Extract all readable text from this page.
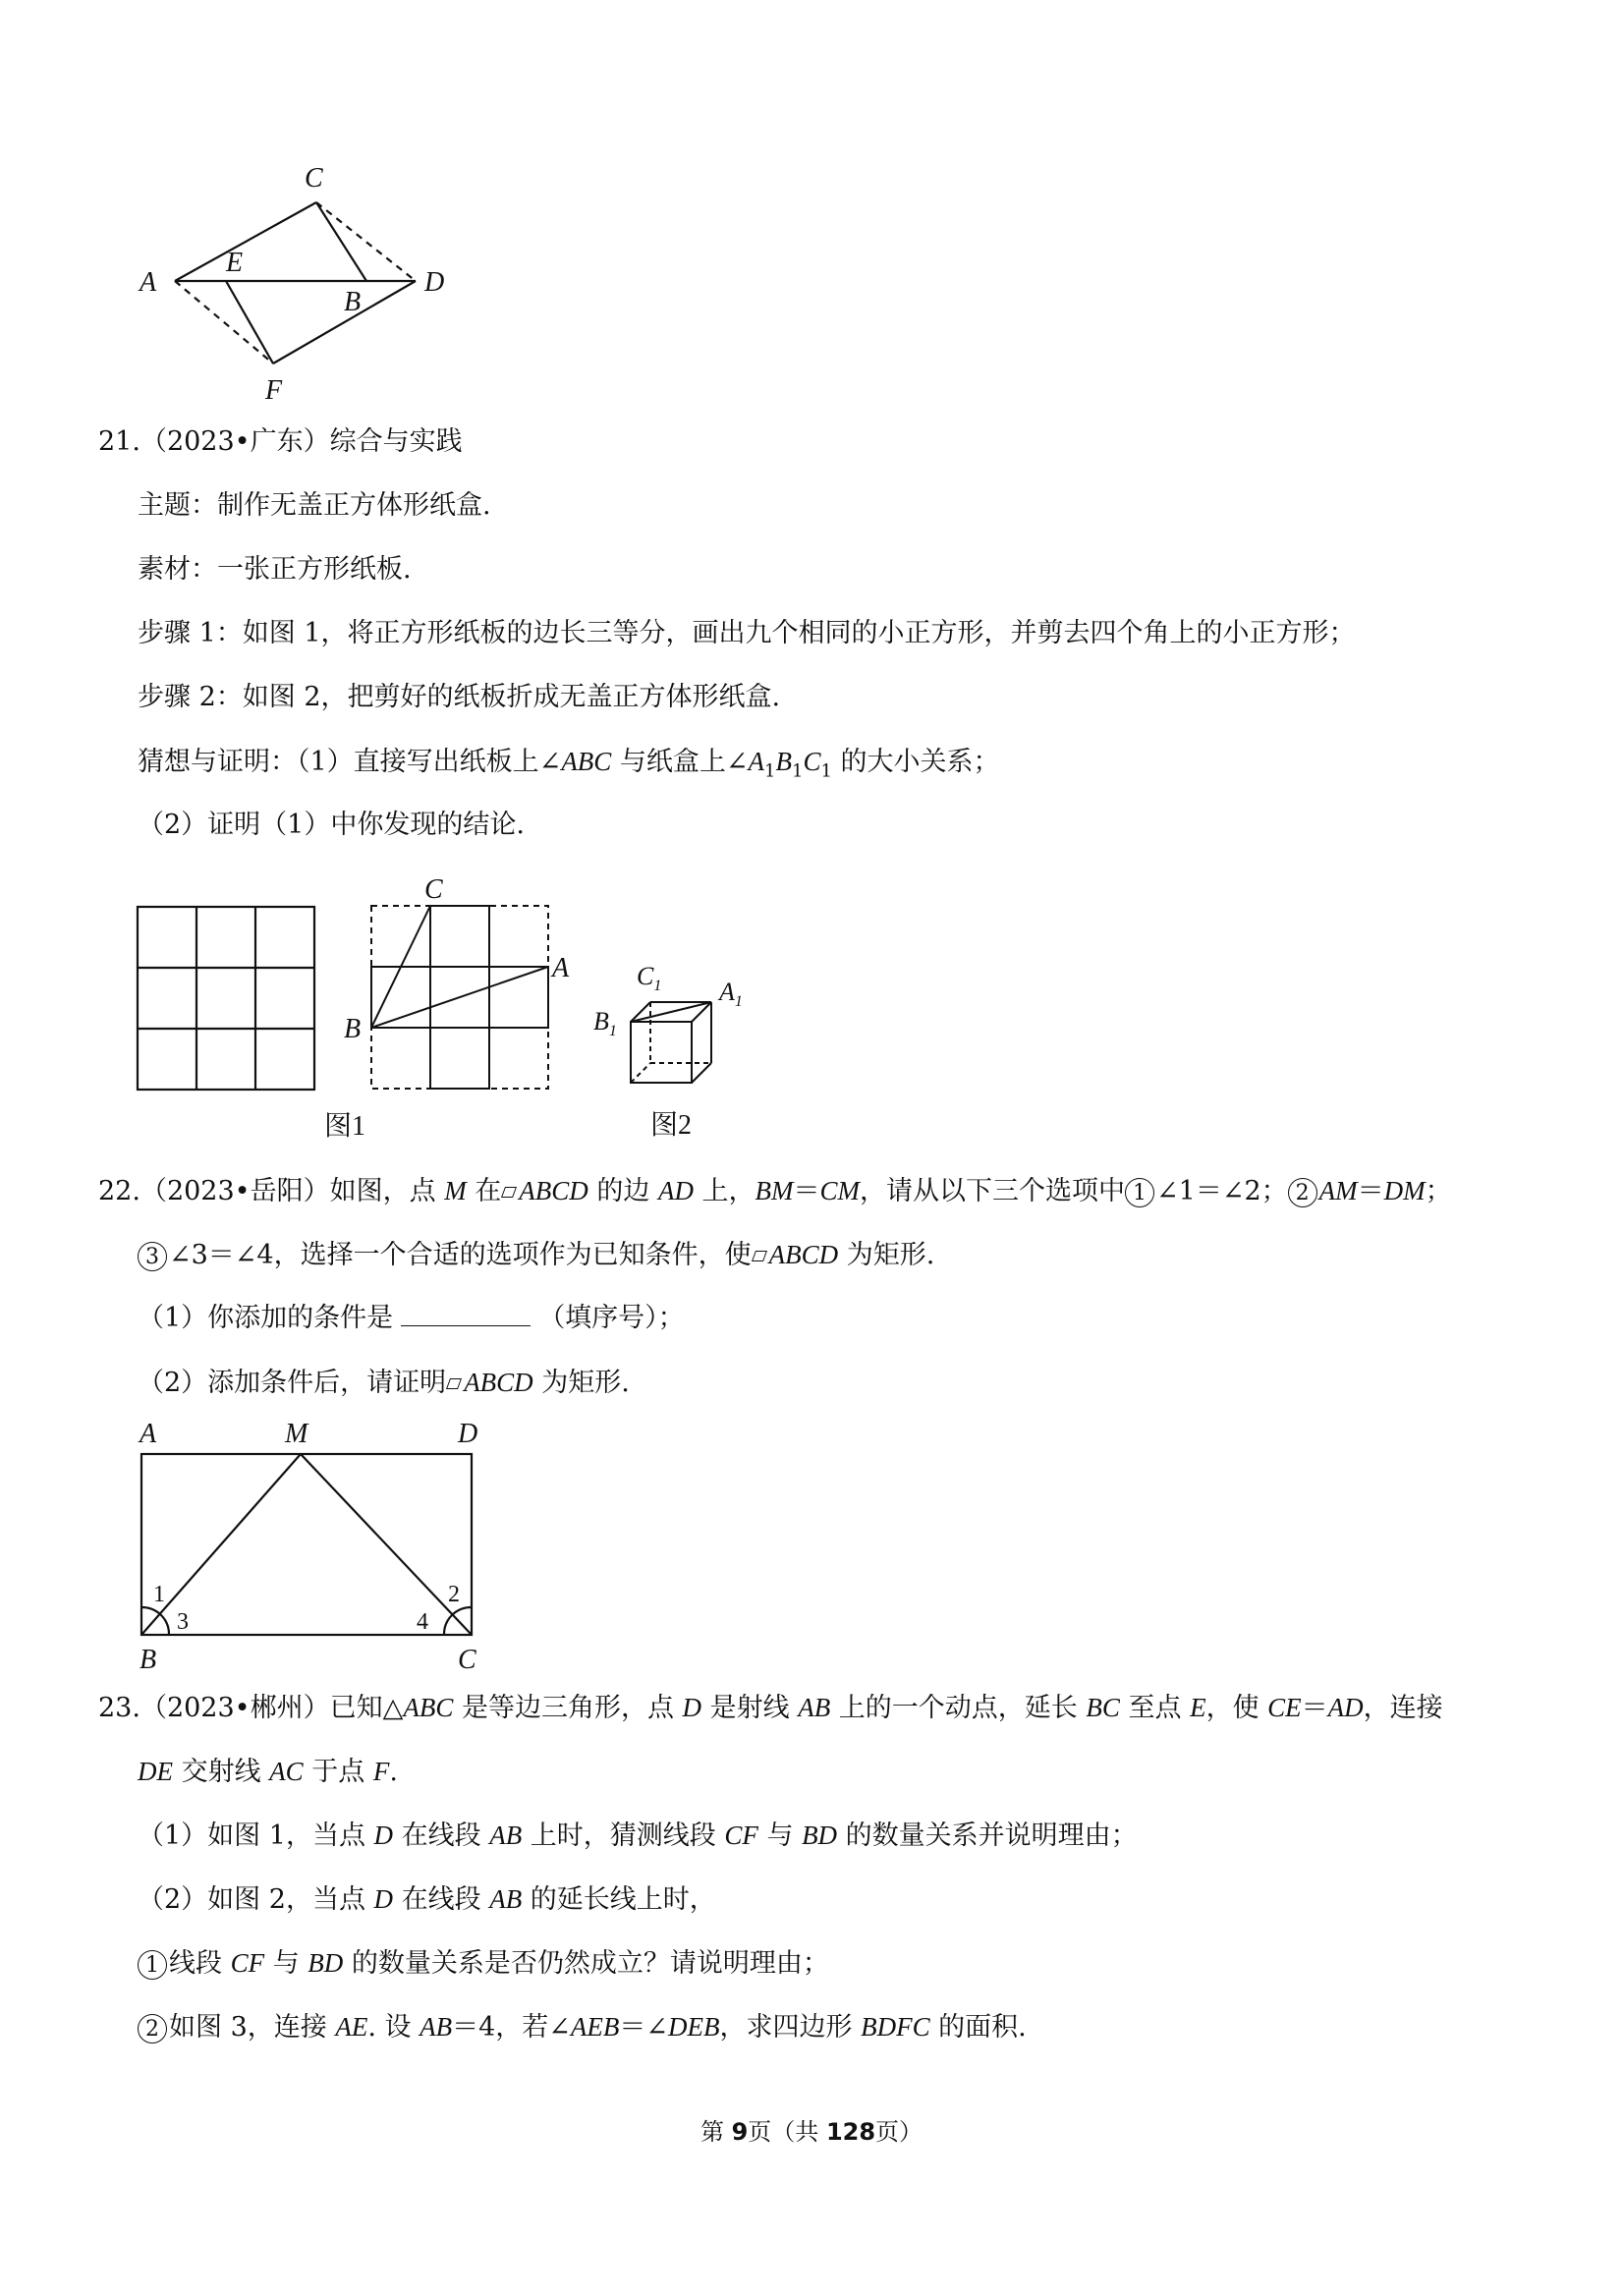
A
C
E
B
D
F
21.（2023•广东）综合与实践
主题：制作无盖正方体形纸盒.
素材：一张正方形纸板.
步骤 1：如图 1，将正方形纸板的边长三等分，画出九个相同的小正方形，并剪去四个角上的小正方形；
步骤 2：如图 2，把剪好的纸板折成无盖正方体形纸盒.
猜想与证明：（1）直接写出纸板上∠ABC 与纸盒上$\angle A_1B_1C_1$ 的大小关系；
（2）证明（1）中你发现的结论.
图1
C
A
B
图2
$C_1$
$B_1$
$A_1$
22.（2023•岳阳）如图，点 M 在 ABCD 的边 AD 上，BM＝CM，请从以下三个选项中 1 ∠1＝∠2； 2 AM＝DM；
3 ∠3＝∠4，选择一个合适的选项作为已知条件，使 ABCD 为矩形.
（1）你添加的条件是	（填序号）；
（2）添加条件后，请证明 ABCD 为矩形.
A	M	D
B	C
1
3	4
2
23.（2023•郴州）已知△ABC 是等边三角形，点 D 是射线 AB 上的一个动点，延长 BC 至点 E，使 CE＝AD，连接
DE 交射线 AC 于点 F.
（1）如图 1，当点 D 在线段 AB 上时，猜测线段 CF 与 BD 的数量关系并说明理由；
（2）如图 2，当点 D 在线段 AB 的延长线上时，
1 线段 CF 与 BD 的数量关系是否仍然成立？请说明理由；
2 如图 3，连接 AE. 设 AB＝4，若∠AEB＝∠DEB，求四边形 BDFC 的面积.
第 9页（共 128页）
